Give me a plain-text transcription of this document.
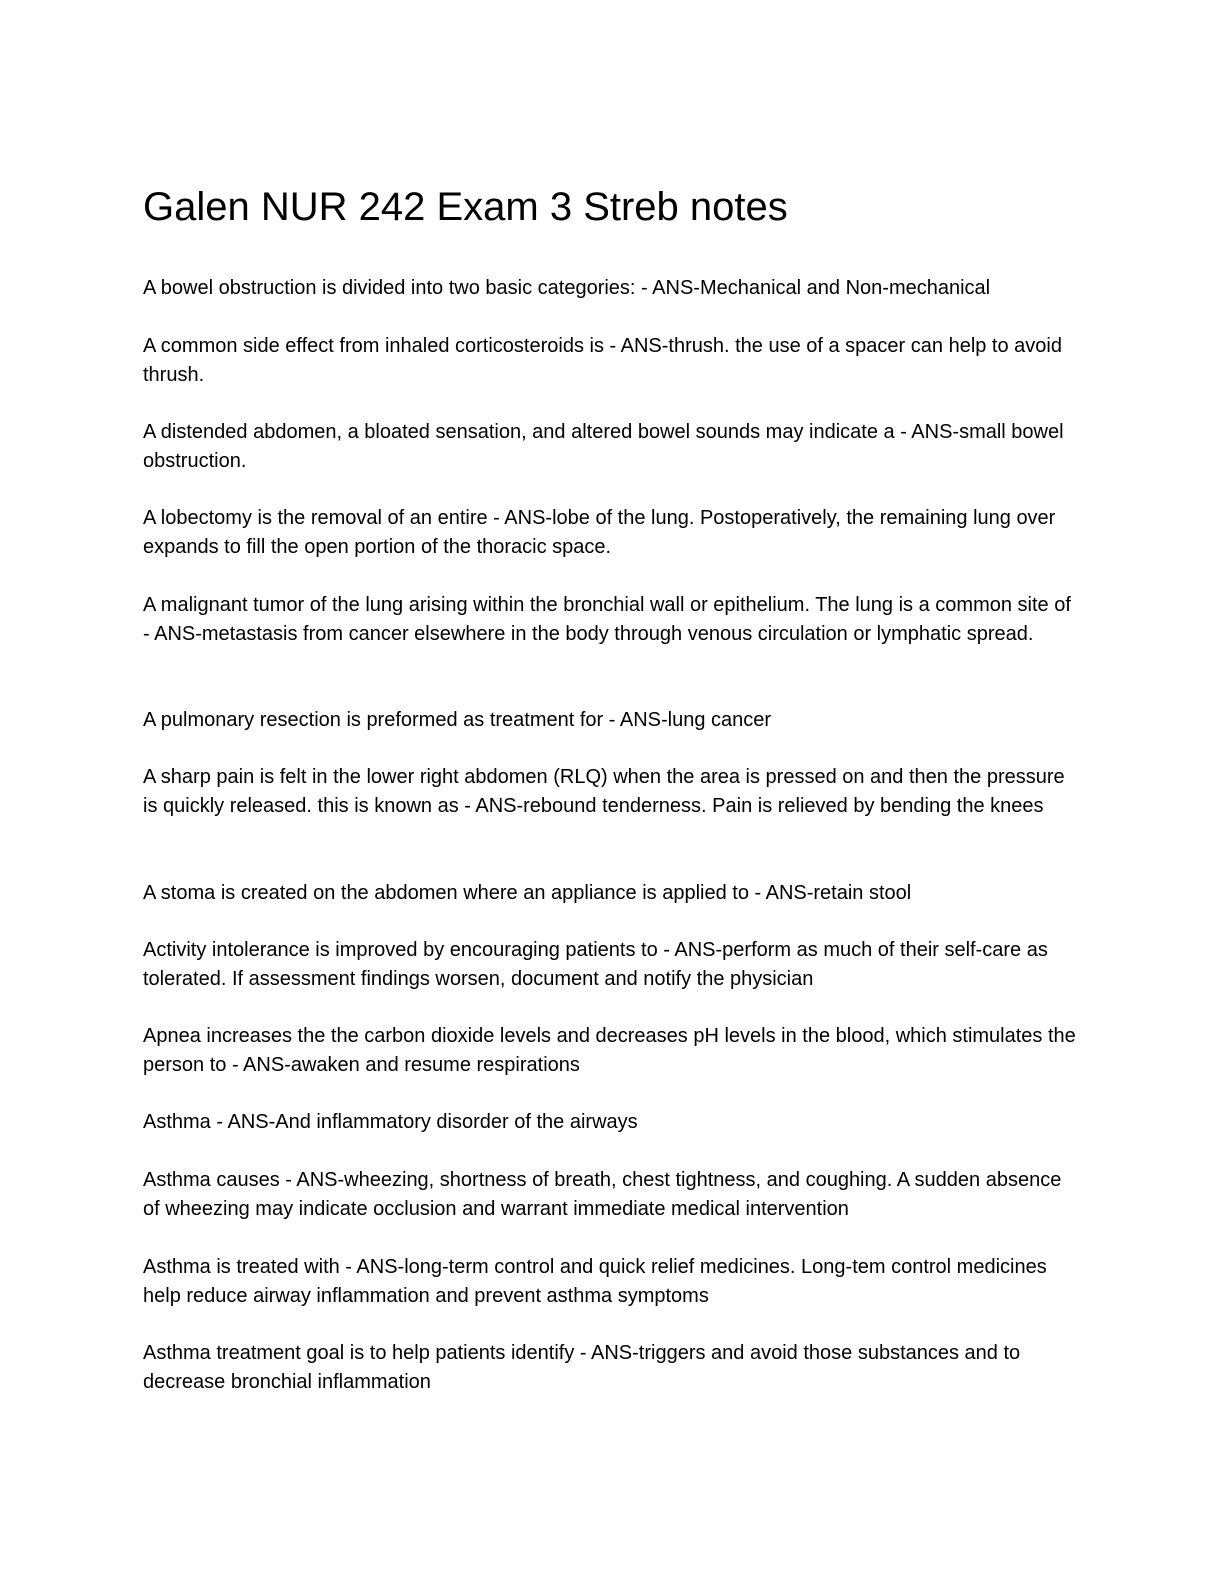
Galen NUR 242 Exam 3 Streb notes

A bowel obstruction is divided into two basic categories: - ANS-Mechanical and Non-mechanical

A common side effect from inhaled corticosteroids is - ANS-thrush. the use of a spacer can help to avoid thrush.

A distended abdomen, a bloated sensation, and altered bowel sounds may indicate a - ANS-small bowel obstruction.

A lobectomy is the removal of an entire - ANS-lobe of the lung. Postoperatively, the remaining lung over expands to fill the open portion of the thoracic space.

A malignant tumor of the lung arising within the bronchial wall or epithelium. The lung is a common site of - ANS-metastasis from cancer elsewhere in the body through venous circulation or lymphatic spread.

A pulmonary resection is preformed as treatment for - ANS-lung cancer

A sharp pain is felt in the lower right abdomen (RLQ) when the area is pressed on and then the pressure is quickly released. this is known as - ANS-rebound tenderness. Pain is relieved by bending the knees

A stoma is created on the abdomen where an appliance is applied to - ANS-retain stool

Activity intolerance is improved by encouraging patients to - ANS-perform as much of their self-care as tolerated. If assessment findings worsen, document and notify the physician

Apnea increases the the carbon dioxide levels and decreases pH levels in the blood, which stimulates the person to - ANS-awaken and resume respirations

Asthma - ANS-And inflammatory disorder of the airways

Asthma causes - ANS-wheezing, shortness of breath, chest tightness, and coughing. A sudden absence of wheezing may indicate occlusion and warrant immediate medical intervention

Asthma is treated with - ANS-long-term control and quick relief medicines. Long-tem control medicines help reduce airway inflammation and prevent asthma symptoms

Asthma treatment goal is to help patients identify - ANS-triggers and avoid those substances and to decrease bronchial inflammation
